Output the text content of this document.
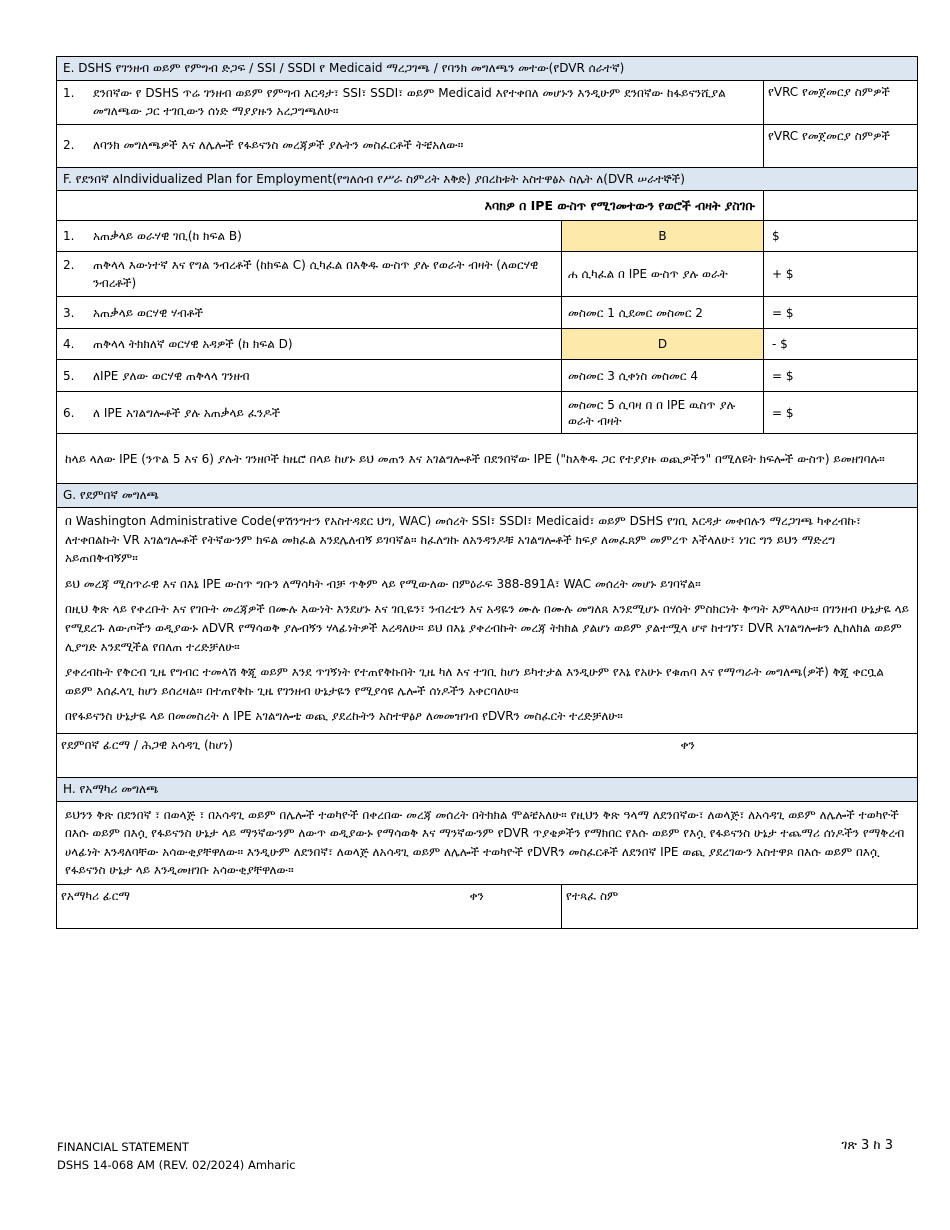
E. DSHS የገንዘብ ወይም የምግብ ድጋፍ / SSI / SSDI የ Medicaid ማረጋገጫ / የባንክ መግለጫን መተው(የDVR ሰራተኛ)		
1. ደንበኛው የ DSHS ጥሬ ገንዘብ ወይም የምግብ እርዳታ፣ SSI፣ SSDI፣ ወይም Medicaid እየተቀበለ መሆኑን እንዲሁም ደንበኛው ከፋይናንሺያል መግለጫው ጋር ተገቢውን ሰነድ ማያያዙን አረጋግጫለሁ።		የVRC የመጀመርያ ስምዎች
2. ለባንክ መግለጫዎች እና ለሌሎች የፋይናንስ መረጃዎች ያሉትን መስፈርቶች ትቼአለው።		የVRC የመጀመርያ ስምዎች
F. የደንበኛ ለIndividualized Plan for Employment(የግለሰብ የሥራ ስምሪት እቅድ) ያበረከቱት አስተዋፅኦ ስሌት ለ(DVR ሠራተኞች)		
እባክዎ በ IPE ውስጥ የሚገመተውን የወሮች ብዛት ያስገቡ		
1. አጠቃላይ ወራሃዊ ገቢ(ከ ክፍል B)	B	$
2. ጠቅላላ እውነተኛ እና የግል ንብረቶች (ከክፍል C) ሲካፈል በእቅዱ ውስጥ ያሉ የወራት ብዛት (ለወርሃዊ ንብረቶች)	ሐ ሲካፈል በ IPE ውስጥ ያሉ ወራት	+ $
3. አጠቃላይ ወርሃዊ ሃብቶች	መስመር 1 ሲደመር መስመር 2	= $
4. ጠቅላላ ትክክለኛ ወርሃዊ አዳዎች (ከ ክፍል D)	D	- $
5. ለIPE ያለው ወርሃዊ ጠቅላላ ገንዘብ	መስመር 3 ሲቀነስ መስመር 4	= $
6. ለ IPE አገልግሎቶች ያሉ አጠቃላይ ፈንዶች	መስመር 5 ሲባዛ በ በ IPE ዉስጥ ያሉ ወራት ብዛት	= $
ከላይ ላለው IPE (ንጥል 5 እና 6) ያሉት ገንዘቦች ከዜሮ በላይ ከሆኑ ይህ መጠን እና አገልግሎቶች በደንበኛው IPE ("ከእቅዱ ጋር የተያያዙ ወጪዎችን" በሚለዩት ክፍሎች ውስጥ) ይመዘገባሉ።		
G. የደምበኛ መግለጫ		

በ Washington Administrative Code(ዋሽንግተን የአስተዳደር ህግ, WAC) መሰረት SSI፣ SSDI፣ Medicaid፣ ወይም DSHS የገቢ እርዳታ መቀበሉን ማረጋገጫ ካቀረብኩ፣ ለተቀበልኩት VR አገልግሎቶች የትኛውንም ክፍል መክፈል እንደሌለብኝ ይገባኛል። ከፈለግኩ ለአንዳንዶቹ አገልግሎቶች ክፍያ ለመፈጸም መምረጥ እችላለሁ፣ ነገር ግን ይህን ማድረግ አይጠበቅብኝም።

ይህ መረጃ ሚስጥራዊ እና በእኔ IPE ውስጥ ግቡን ለማሳካት ብቻ ጥቅም ላይ የሚውለው በምዕራፍ 388-891A፣ WAC መሰረት መሆኑ ይገባኛል።

በዚህ ቅጽ ላይ የቀረቡት እና የገቡት መረጃዎች በሙሉ እውነት እንደሆኑ እና ገቢዬን፣ ንብረቴን እና አዳዬን ሙሉ በሙሉ መግለጸ እንደሚሆኑ በሃሰት ምስክርነት ቅጣት እምላለሁ። በገንዘብ ሁኔታዬ ላይ የሚደረጉ ለውጦችን ወዲያውኑ ለDVR የማሳወቅ ያሉብኝን ሃላፊነትዎች እረዳለሁ። ይህ በእኔ ያቀረብኩት መረጃ ትክክል ያልሆነ ወይም ያልተሟላ ሆኖ ከተገኘ፣ DVR አገልግሎቱን ሊከለክል ወይም ሊያግድ እንደሚችል የበለጠ ተረድቻለሁ።

ያቀረብኩት የቅርብ ጊዜ የግብር ተመላሽ ቅጂ ወይም እንደ ጥገኝነት የተጠየቅኩበት ጊዜ ካለ እና ተገቢ ከሆነ ይካተታል እንዲሁም የእኔ የአሁኑ የቁጠባ እና የማጣራት መግለጫ(ዎች) ቅጂ ቀርቧል ወይም እሰፈላጊ ከሆነ ይሰረዛል። በተጠየቅኩ ጊዜ የገንዘብ ሁኔታዬን የሚያሳዩ ሌሎች ሰነዶችን አቀርባለሁ።

በየፋይናንስ ሁኔታዬ ላይ በመመስረት ለ IPE አገልግሎቴ ወጪ ያደረኩትን አስተዋፅዖ ለመመዝገብ የDVRን መስፈርት ተረድቻለሁ።		

የደምበኛ ፊርማ / ሕጋዊ አሳዳጊ (ከሆነ) ቀን		

H. የአማካሪ መግለጫ		
ይህንን ቅጽ በደንበኛ ፣ በወላጅ ፣ በአሳዳጊ ወይም በሌሎች ተወካዮች በቀረበው መረጃ መሰረት በትክክል ሞልቼአለሁ። የዚህን ቅጽ ዓላማ ለደንበኛው፣ ለወላጅ፣ ለአሳዳጊ ወይም ለሌሎች ተወካዮች በእሱ ወይም በእሷ የፋይናንስ ሁኔታ ላይ ማንኛውንም ለውጥ ወዲያውኑ የማሳወቅ እና ማንኛውንም የDVR ጥያቄዎችን የማክበር የእሱ ወይም የእሷ የፋይናንስ ሁኔታ ተጨማሪ ሰነዶችን የማቅረብ ሀላፊነት እንዳለባቸው አሳውቂያቸዋለው። እንዲሁም ለደንበኛ፣ ለወላጅ ለአሳዳጊ ወይም ለሌሎች ተወካዮች የDVRን መስፈርቶች ለደንበኛ IPE ወጪ ያደረገውን አስተዋጾ በእሱ ወይም በእሷ የፋይናንስ ሁኔታ ላይ እንዲመዘገቡ አሳውቂያቸዋለው።		
የአማካሪ ፊርማ ቀን	የተጻፈ ስም	
FINANCIAL STATEMENT
DSHS 14-068 AM (REV. 02/2024) Amharic
ገጽ 3 ከ 3
